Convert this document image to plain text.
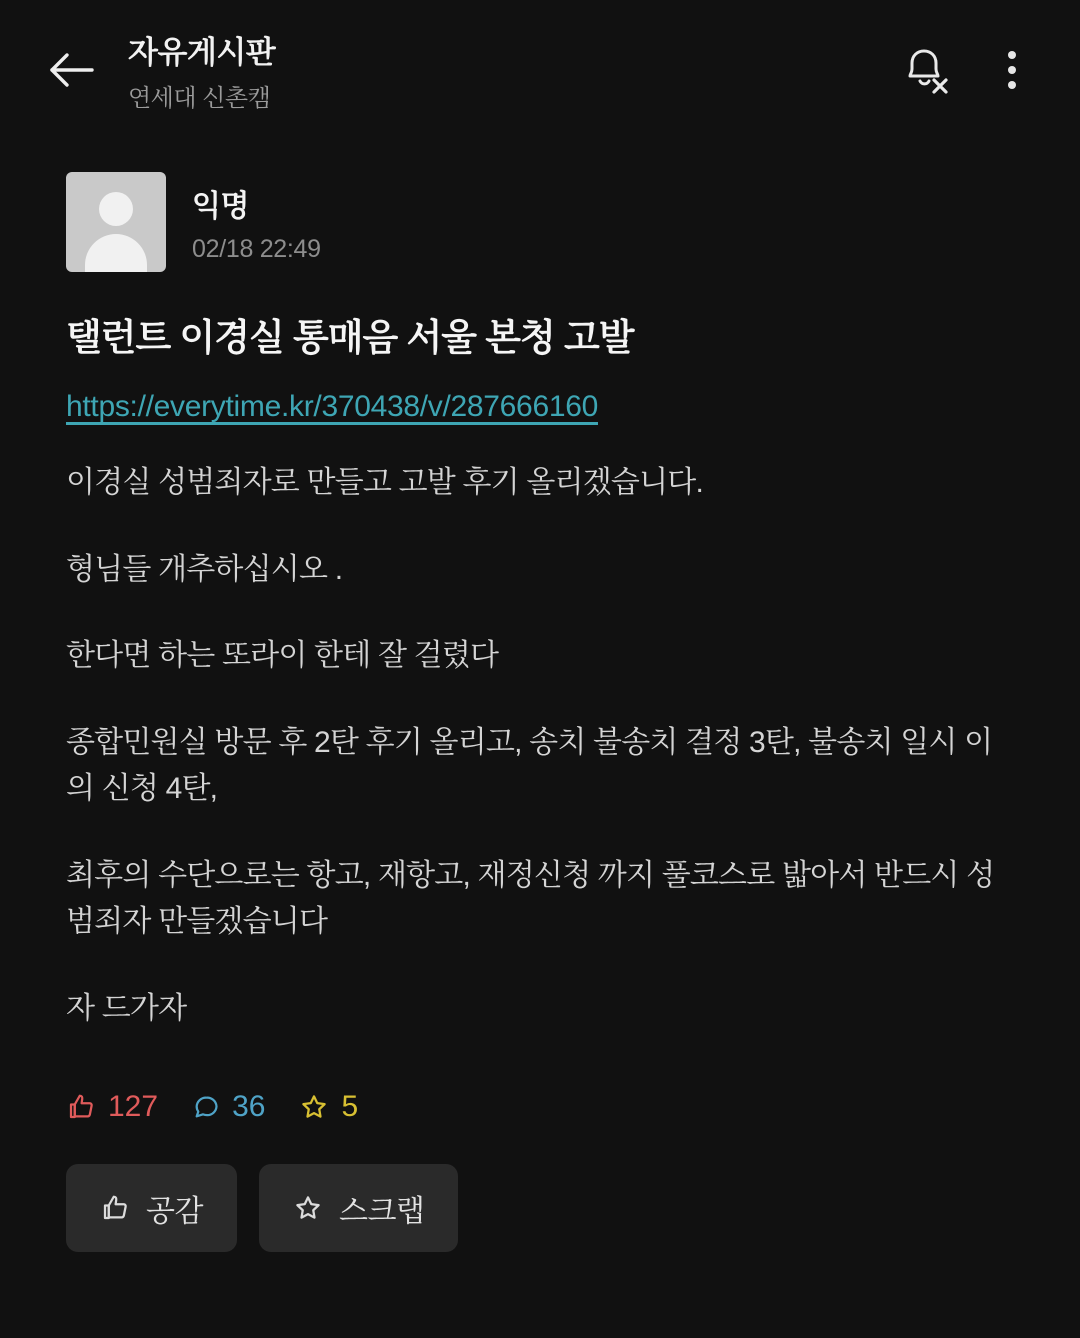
자유게시판
연세대 신촌캠
익명
02/18 22:49
탤런트 이경실 통매음 서울 본청 고발
https://everytime.kr/370438/v/287666160

이경실 성범죄자로 만들고 고발 후기 올리겠습니다.

형님들 개추하십시오 .

한다면 하는 또라이 한테 잘 걸렸다

종합민원실 방문 후 2탄 후기 올리고, 송치 불송치 결정 3탄, 불송치 일시 이의 신청 4탄,

최후의 수단으로는 항고, 재항고, 재정신청 까지 풀코스로 밟아서 반드시 성범죄자 만들겠습니다

자 드가자

127 36	5
공감	스크랩
